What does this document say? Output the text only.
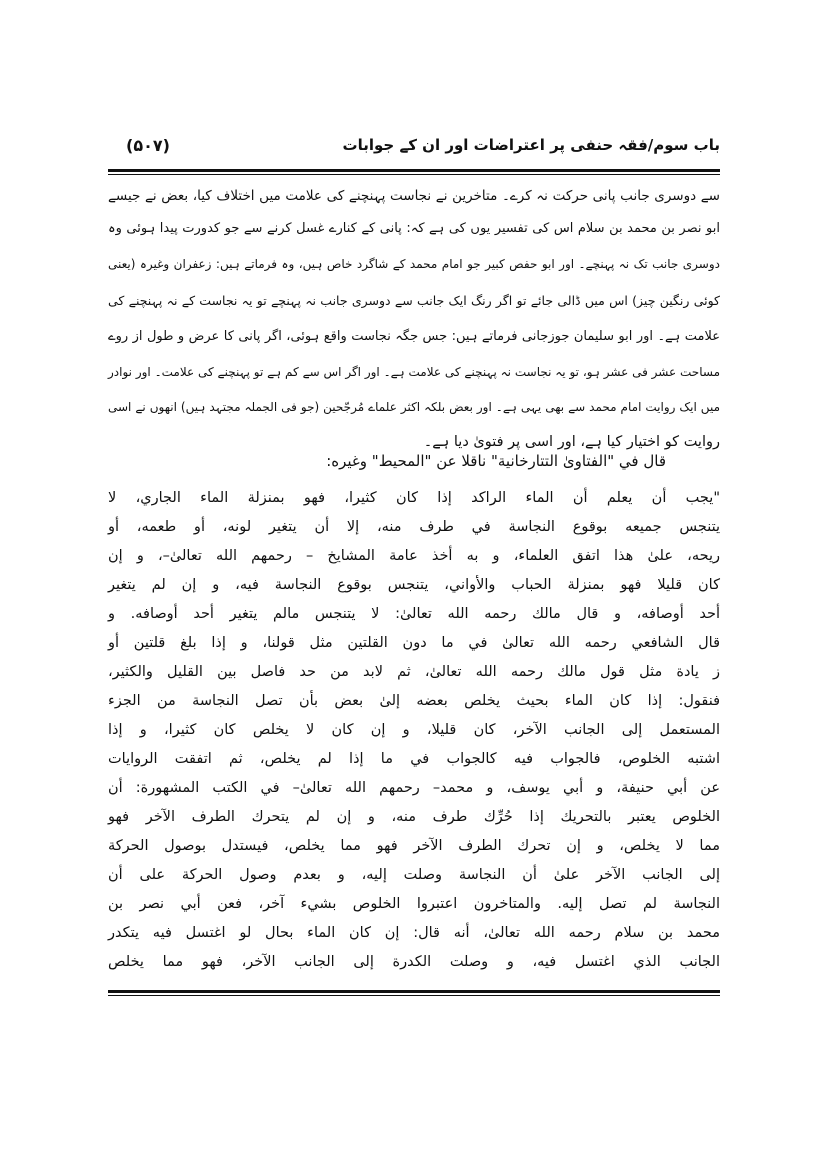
باب سوم/فقہ حنفی پر اعتراضات اور ان کے جوابات
(۵۰۷)
سے دوسری جانب پانی حرکت نہ کرے۔ متاخرین نے نجاست پہنچنے کی علامت میں اختلاف کیا، بعض نے جیسے
ابو نصر بن محمد بن سلام اس کی تفسیر یوں کی ہے کہ: پانی کے کنارے غسل کرنے سے جو کدورت پیدا ہوئی وہ
دوسری جانب تک نہ پہنچے۔ اور ابو حفص کبیر جو امام محمد کے شاگرد خاص ہیں، وہ فرماتے ہیں: زعفران وغیرہ (یعنی
کوئی رنگین چیز) اس میں ڈالی جائے تو اگر رنگ ایک جانب سے دوسری جانب نہ پہنچے تو یہ نجاست کے نہ پہنچنے کی
علامت ہے۔ اور ابو سلیمان جوزجانی فرماتے ہیں: جس جگہ نجاست واقع ہوئی، اگر پانی کا عرض و طول از روے
مساحت عشر فی عشر ہو، تو یہ نجاست نہ پہنچنے کی علامت ہے۔ اور اگر اس سے کم ہے تو پہنچنے کی علامت۔ اور نوادر
میں ایک روایت امام محمد سے بھی یہی ہے۔ اور بعض بلکہ اکثر علماے مُرجّحین (جو فی الجملہ مجتہد ہیں) انھوں نے اسی
روایت کو اختیار کیا ہے، اور اسی پر فتویٰ دیا ہے۔
قال في "الفتاوىٰ التتارخانية" ناقلا عن "المحيط" وغيره:
"يجب أن يعلم أن الماء الراكد إذا كان كثيرا، فهو بمنزلة الماء الجاري، لا
يتنجس جميعه بوقوع النجاسة في طرف منه، إلا أن يتغير لونه، أو طعمه، أو
ريحه، علىٰ هذا اتفق العلماء، و به أخذ عامة المشايخ – رحمهم الله تعالىٰ–، و إن
كان قليلا فهو بمنزلة الحباب والأواني، يتنجس بوقوع النجاسة فيه، و إن لم يتغير
أحد أوصافه، و قال مالك رحمه الله تعالىٰ: لا يتنجس مالم يتغير أحد أوصافه. و
قال الشافعي رحمه الله تعالىٰ في ما دون القلتين مثل قولنا، و إذا بلغ قلتين أو
ز يادة مثل قول مالك رحمه الله تعالىٰ، ثم لابد من حد فاصل بين القليل والكثير،
فنقول: إذا كان الماء بحيث يخلص بعضه إلىٰ بعض بأن تصل النجاسة من الجزء
المستعمل إلى الجانب الآخر، كان قليلا، و إن كان لا يخلص كان كثيرا، و إذا
اشتبه الخلوص، فالجواب فيه كالجواب في ما إذا لم يخلص، ثم اتفقت الروايات
عن أبي حنيفة، و أبي يوسف، و محمد– رحمهم الله تعالىٰ– في الكتب المشهورة: أن
الخلوص يعتبر بالتحريك إذا حُرِّك طرف منه، و إن لم يتحرك الطرف الآخر فهو
مما لا يخلص، و إن تحرك الطرف الآخر فهو مما يخلص، فيستدل بوصول الحركة
إلى الجانب الآخر علىٰ أن النجاسة وصلت إليه، و بعدم وصول الحركة على أن
النجاسة لم تصل إليه. والمتاخرون اعتبروا الخلوص بشيء آخر، فعن أبي نصر بن
محمد بن سلام رحمه الله تعالىٰ، أنه قال: إن كان الماء بحال لو اغتسل فيه يتكدر
الجانب الذي اغتسل فيه، و وصلت الكدرة إلى الجانب الآخر، فهو مما يخلص
